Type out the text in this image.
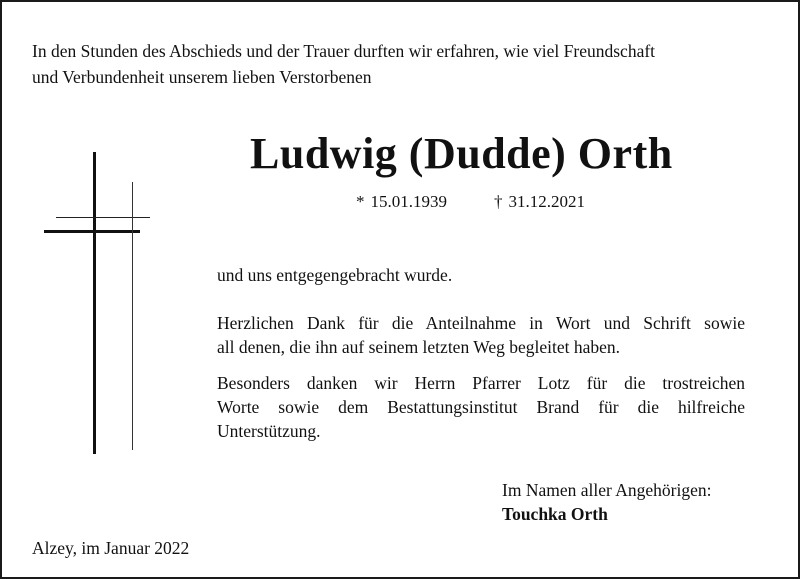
In den Stunden des Abschieds und der Trauer durften wir erfahren, wie viel Freundschaft
und Verbundenheit unserem lieben Verstorbenen
Ludwig (Dudde) Orth
* 15.01.1939	† 31.12.2021
und uns entgegengebracht wurde.
Herzlichen Dank für die Anteilnahme in Wort und Schrift sowie
all denen, die ihn auf seinem letzten Weg begleitet haben.
Besonders danken wir Herrn Pfarrer Lotz für die trostreichen
Worte sowie dem Bestattungsinstitut Brand für die hilfreiche
Unterstützung.
Im Namen aller Angehörigen:
Touchka Orth
Alzey, im Januar 2022
